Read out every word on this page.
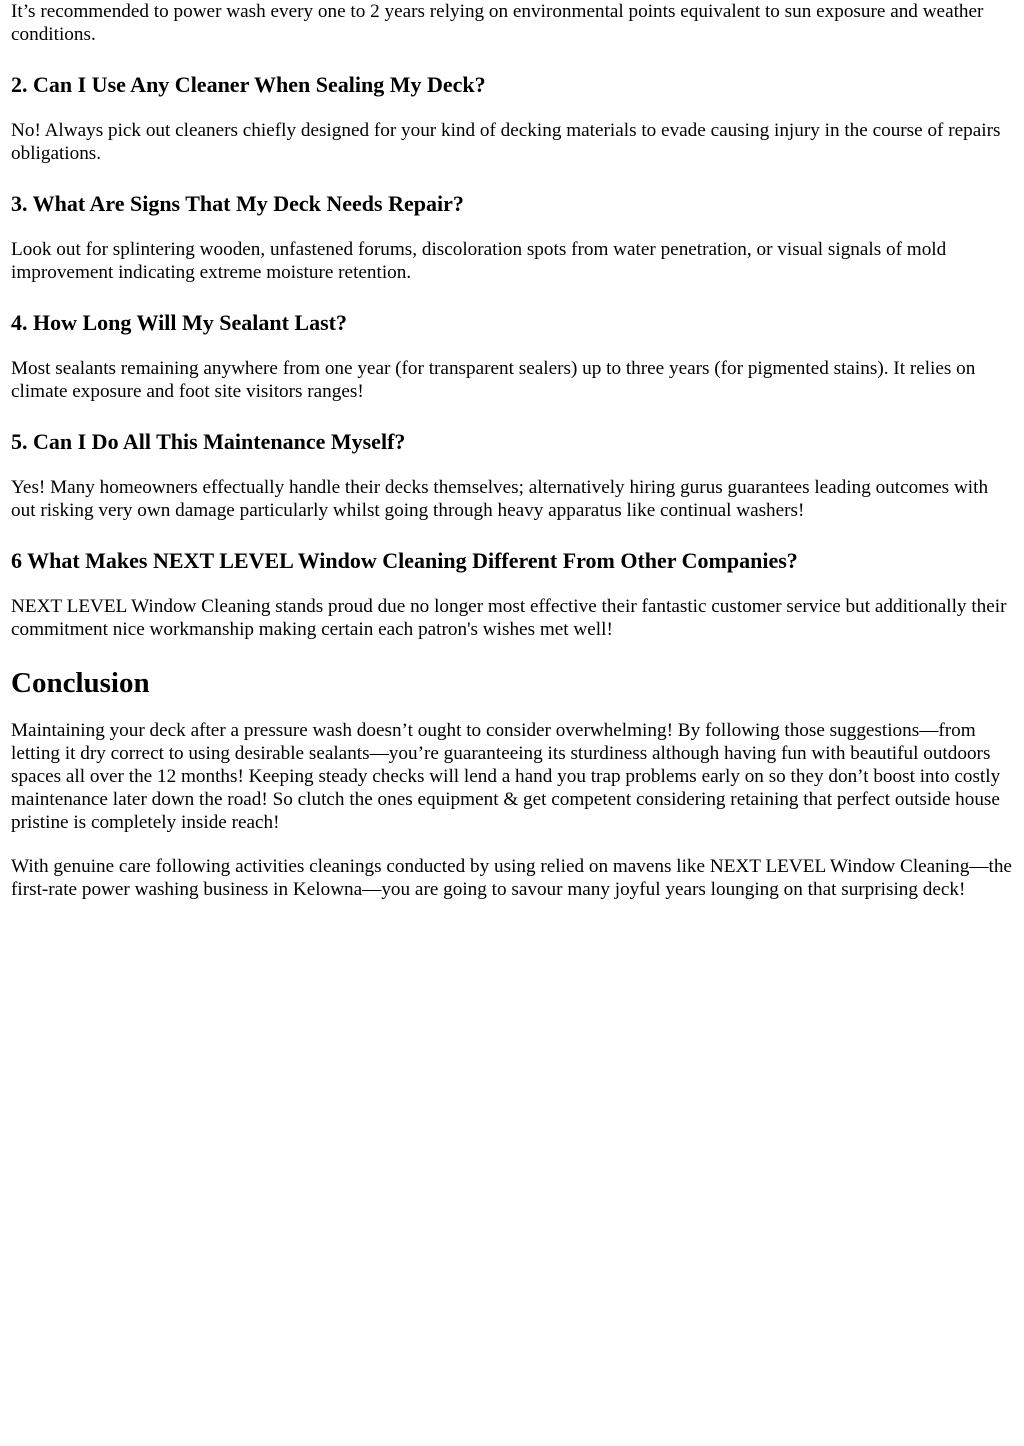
It’s recommended to power wash every one to 2 years relying on environmental points equivalent to sun exposure and weather conditions.

2. Can I Use Any Cleaner When Sealing My Deck?

No! Always pick out cleaners chiefly designed for your kind of decking materials to evade causing injury in the course of repairs obligations.

3. What Are Signs That My Deck Needs Repair?

Look out for splintering wooden, unfastened forums, discoloration spots from water penetration, or visual signals of mold improvement indicating extreme moisture retention.

4. How Long Will My Sealant Last?

Most sealants remaining anywhere from one year (for transparent sealers) up to three years (for pigmented stains). It relies on climate exposure and foot site visitors ranges!

5. Can I Do All This Maintenance Myself?

Yes! Many homeowners effectually handle their decks themselves; alternatively hiring gurus guarantees leading outcomes with out risking very own damage particularly whilst going through heavy apparatus like continual washers!

6 What Makes NEXT LEVEL Window Cleaning Different From Other Companies?

NEXT LEVEL Window Cleaning stands proud due no longer most effective their fantastic customer service but additionally their commitment nice workmanship making certain each patron's wishes met well!

Conclusion

Maintaining your deck after a pressure wash doesn’t ought to consider overwhelming! By following those suggestions—from letting it dry correct to using desirable sealants—you’re guaranteeing its sturdiness although having fun with beautiful outdoors spaces all over the 12 months! Keeping steady checks will lend a hand you trap problems early on so they don’t boost into costly maintenance later down the road! So clutch the ones equipment & get competent considering retaining that perfect outside house pristine is completely inside reach!

With genuine care following activities cleanings conducted by using relied on mavens like NEXT LEVEL Window Cleaning—the first-rate power washing business in Kelowna—you are going to savour many joyful years lounging on that surprising deck!
